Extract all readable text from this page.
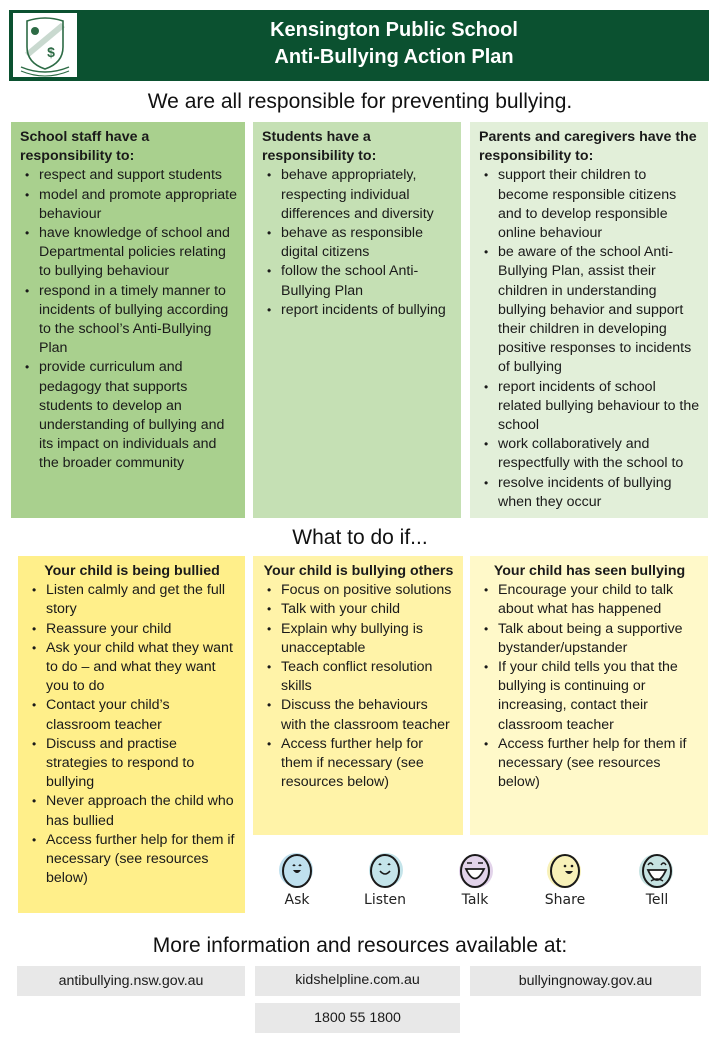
$
Kensington Public School
Anti-Bullying Action Plan
We are all responsible for preventing bullying.
School staff have a responsibility to:
• respect and support students
• model and promote appropriate behaviour
• have knowledge of school and Departmental policies relating to bullying behaviour
• respond in a timely manner to incidents of bullying according to the school’s Anti-Bullying Plan
• provide curriculum and pedagogy that supports students to develop an understanding of bullying and its impact on individuals and the broader community
Students have a responsibility to:
• behave appropriately, respecting individual differences and diversity
• behave as responsible digital citizens
• follow the school Anti-Bullying Plan
• report incidents of bullying
Parents and caregivers have the responsibility to:
• support their children to become responsible citizens and to develop responsible online behaviour
• be aware of the school Anti-Bullying Plan, assist their children in understanding bullying behavior and support their children in developing positive responses to incidents of bullying
• report incidents of school related bullying behaviour to the school
• work collaboratively and respectfully with the school to
• resolve incidents of bullying when they occur
What to do if...
Your child is being bullied
• Listen calmly and get the full story
• Reassure your child
• Ask your child what they want to do – and what they want you to do
• Contact your child’s classroom teacher
• Discuss and practise strategies to respond to bullying
• Never approach the child who has bullied
• Access further help for them if necessary (see resources below)
Your child is bullying others
• Focus on positive solutions
• Talk with your child
• Explain why bullying is unacceptable
• Teach conflict resolution skills
• Discuss the behaviours with the classroom teacher
• Access further help for them if necessary (see resources below)
Your child has seen bullying
• Encourage your child to talk about what has happened
• Talk about being a supportive bystander/upstander
• If your child tells you that the bullying is continuing or increasing, contact their classroom teacher
• Access further help for them if necessary (see resources below)
Ask	Listen	Talk	Share	Tell
More information and resources available at:
antibullying.nsw.gov.au	kidshelpline.com.au	bullyingnoway.gov.au
1800 55 1800
